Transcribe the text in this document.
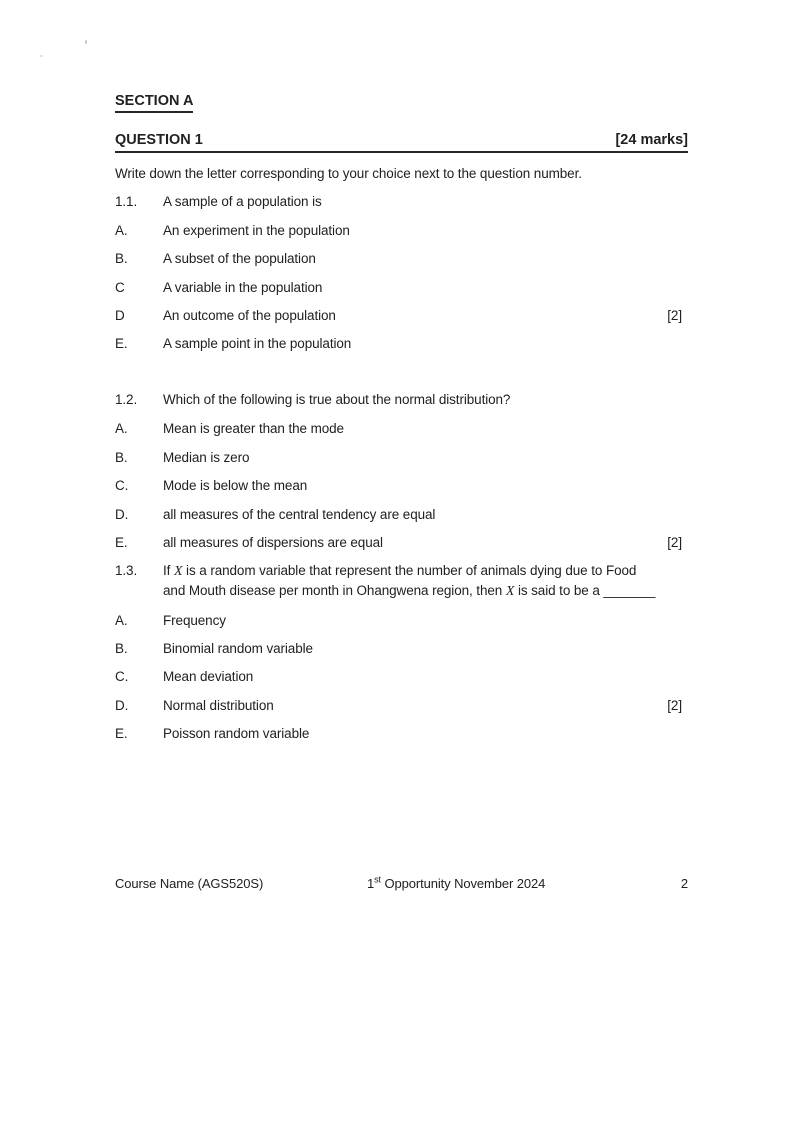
SECTION A
QUESTION 1	[24 marks]

Write down the letter corresponding to your choice next to the question number.

1.1.	A sample of a population is
A.	An experiment in the population
B.	A subset of the population
C	A variable in the population
D	An outcome of the population	[2]
E.	A sample point in the population
1.2.	Which of the following is true about the normal distribution?
A.	Mean is greater than the mode
B.	Median is zero
C.	Mode is below the mean
D.	all measures of the central tendency are equal
E.	all measures of dispersions are equal	[2]
1.3.	If X is a random variable that represent the number of animals dying due to Food
and Mouth disease per month in Ohangwena region, then X is said to be a _______
A.	Frequency
B.	Binomial random variable
C.	Mean deviation
D.	Normal distribution	[2]
E.	Poisson random variable
Course Name (AGS520S)	1st Opportunity November 2024	2
